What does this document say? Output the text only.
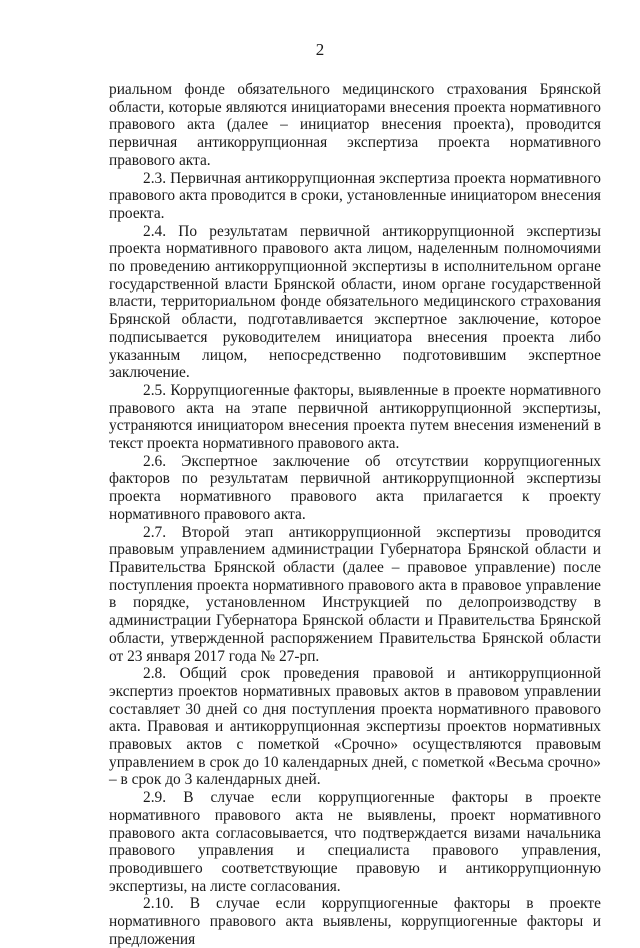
2

риальном фонде обязательного медицинского страхования Брянской области, которые являются инициаторами внесения проекта нормативного правового акта (далее – инициатор внесения проекта), проводится первичная антикоррупционная экспертиза проекта нормативного правового акта.

2.3. Первичная антикоррупционная экспертиза проекта нормативного правового акта проводится в сроки, установленные инициатором внесения проекта.

2.4. По результатам первичной антикоррупционной экспертизы проекта нормативного правового акта лицом, наделенным полномочиями по проведению антикоррупционной экспертизы в исполнительном органе государственной власти Брянской области, ином органе государственной власти, территориальном фонде обязательного медицинского страхования Брянской области, подготавливается экспертное заключение, которое подписывается руководителем инициатора внесения проекта либо указанным лицом, непосредственно подготовившим экспертное заключение.

2.5. Коррупциогенные факторы, выявленные в проекте нормативного правового акта на этапе первичной антикоррупционной экспертизы, устраняются инициатором внесения проекта путем внесения изменений в текст проекта нормативного правового акта.

2.6. Экспертное заключение об отсутствии коррупциогенных факторов по результатам первичной антикоррупционной экспертизы проекта нормативного правового акта прилагается к проекту нормативного правового акта.

2.7. Второй этап антикоррупционной экспертизы проводится правовым управлением администрации Губернатора Брянской области и Правительства Брянской области (далее – правовое управление) после поступления проекта нормативного правового акта в правовое управление в порядке, установленном Инструкцией по делопроизводству в администрации Губернатора Брянской области и Правительства Брянской области, утвержденной распоряжением Правительства Брянской области от 23 января 2017 года № 27-рп.

2.8. Общий срок проведения правовой и антикоррупционной экспертиз проектов нормативных правовых актов в правовом управлении составляет 30 дней со дня поступления проекта нормативного правового акта. Правовая и антикоррупционная экспертизы проектов нормативных правовых актов с пометкой «Срочно» осуществляются правовым управлением в срок до 10 календарных дней, с пометкой «Весьма срочно» – в срок до 3 календарных дней.

2.9. В случае если коррупциогенные факторы в проекте нормативного правового акта не выявлены, проект нормативного правового акта согласовывается, что подтверждается визами начальника правового управления и специалиста правового управления, проводившего соответствующие правовую и антикоррупционную экспертизы, на листе согласования.

2.10. В случае если коррупциогенные факторы в проекте нормативного правового акта выявлены, коррупциогенные факторы и предложения
